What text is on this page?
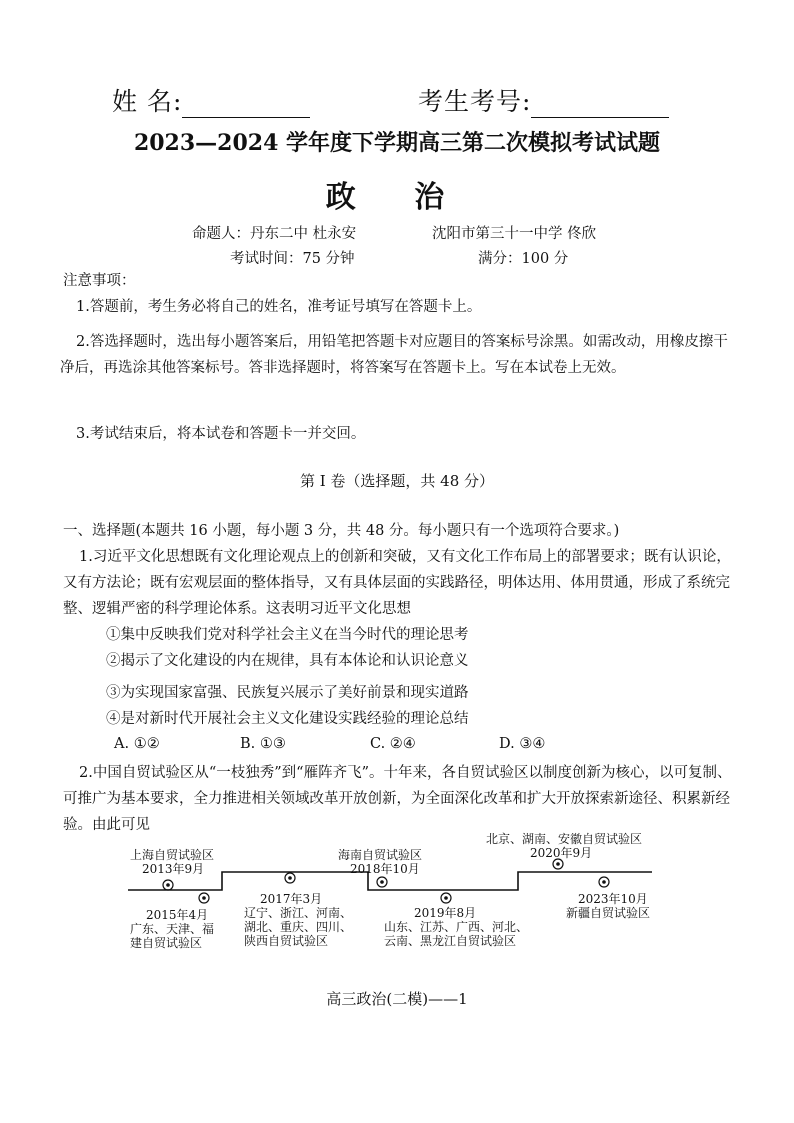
姓 名:	考生考号:
2023—2024 学年度下学期高三第二次模拟考试试题
政 治
命题人：丹东二中 杜永安	沈阳市第三十一中学 佟欣
考试时间：75 分钟	满分：100 分
注意事项：
1.答题前，考生务必将自己的姓名，准考证号填写在答题卡上。
2.答选择题时，选出每小题答案后，用铅笔把答题卡对应题目的答案标号涂黑。如需改动，用橡皮擦干净后，再选涂其他答案标号。答非选择题时，将答案写在答题卡上。写在本试卷上无效。
3.考试结束后，将本试卷和答题卡一并交回。
第 I 卷（选择题，共 48 分）
一、选择题(本题共 16 小题，每小题 3 分，共 48 分。每小题只有一个选项符合要求。)
1.习近平文化思想既有文化理论观点上的创新和突破，又有文化工作布局上的部署要求；既有认识论，又有方法论；既有宏观层面的整体指导，又有具体层面的实践路径，明体达用、体用贯通，形成了系统完整、逻辑严密的科学理论体系。这表明习近平文化思想
①集中反映我们党对科学社会主义在当今时代的理论思考
②揭示了文化建设的内在规律，具有本体论和认识论意义
③为实现国家富强、民族复兴展示了美好前景和现实道路
④是对新时代开展社会主义文化建设实践经验的理论总结
A. ①②	B. ①③	C. ②④	D. ③④
2.中国自贸试验区从“一枝独秀”到“雁阵齐飞”。十年来，各自贸试验区以制度创新为核心，以可复制、可推广为基本要求，全力推进相关领域改革开放创新，为全面深化改革和扩大开放探索新途径、积累新经验。由此可见
上海自贸试验区
2013年9月
2015年4月
广东、天津、福
建自贸试验区
2017年3月
辽宁、浙江、河南、
湖北、重庆、四川、
陕西自贸试验区
海南自贸试验区
2018年10月
2019年8月
山东、江苏、广西、河北、
云南、黑龙江自贸试验区
北京、湖南、安徽自贸试验区
2020年9月
2023年10月
新疆自贸试验区
高三政治(二模)——1
